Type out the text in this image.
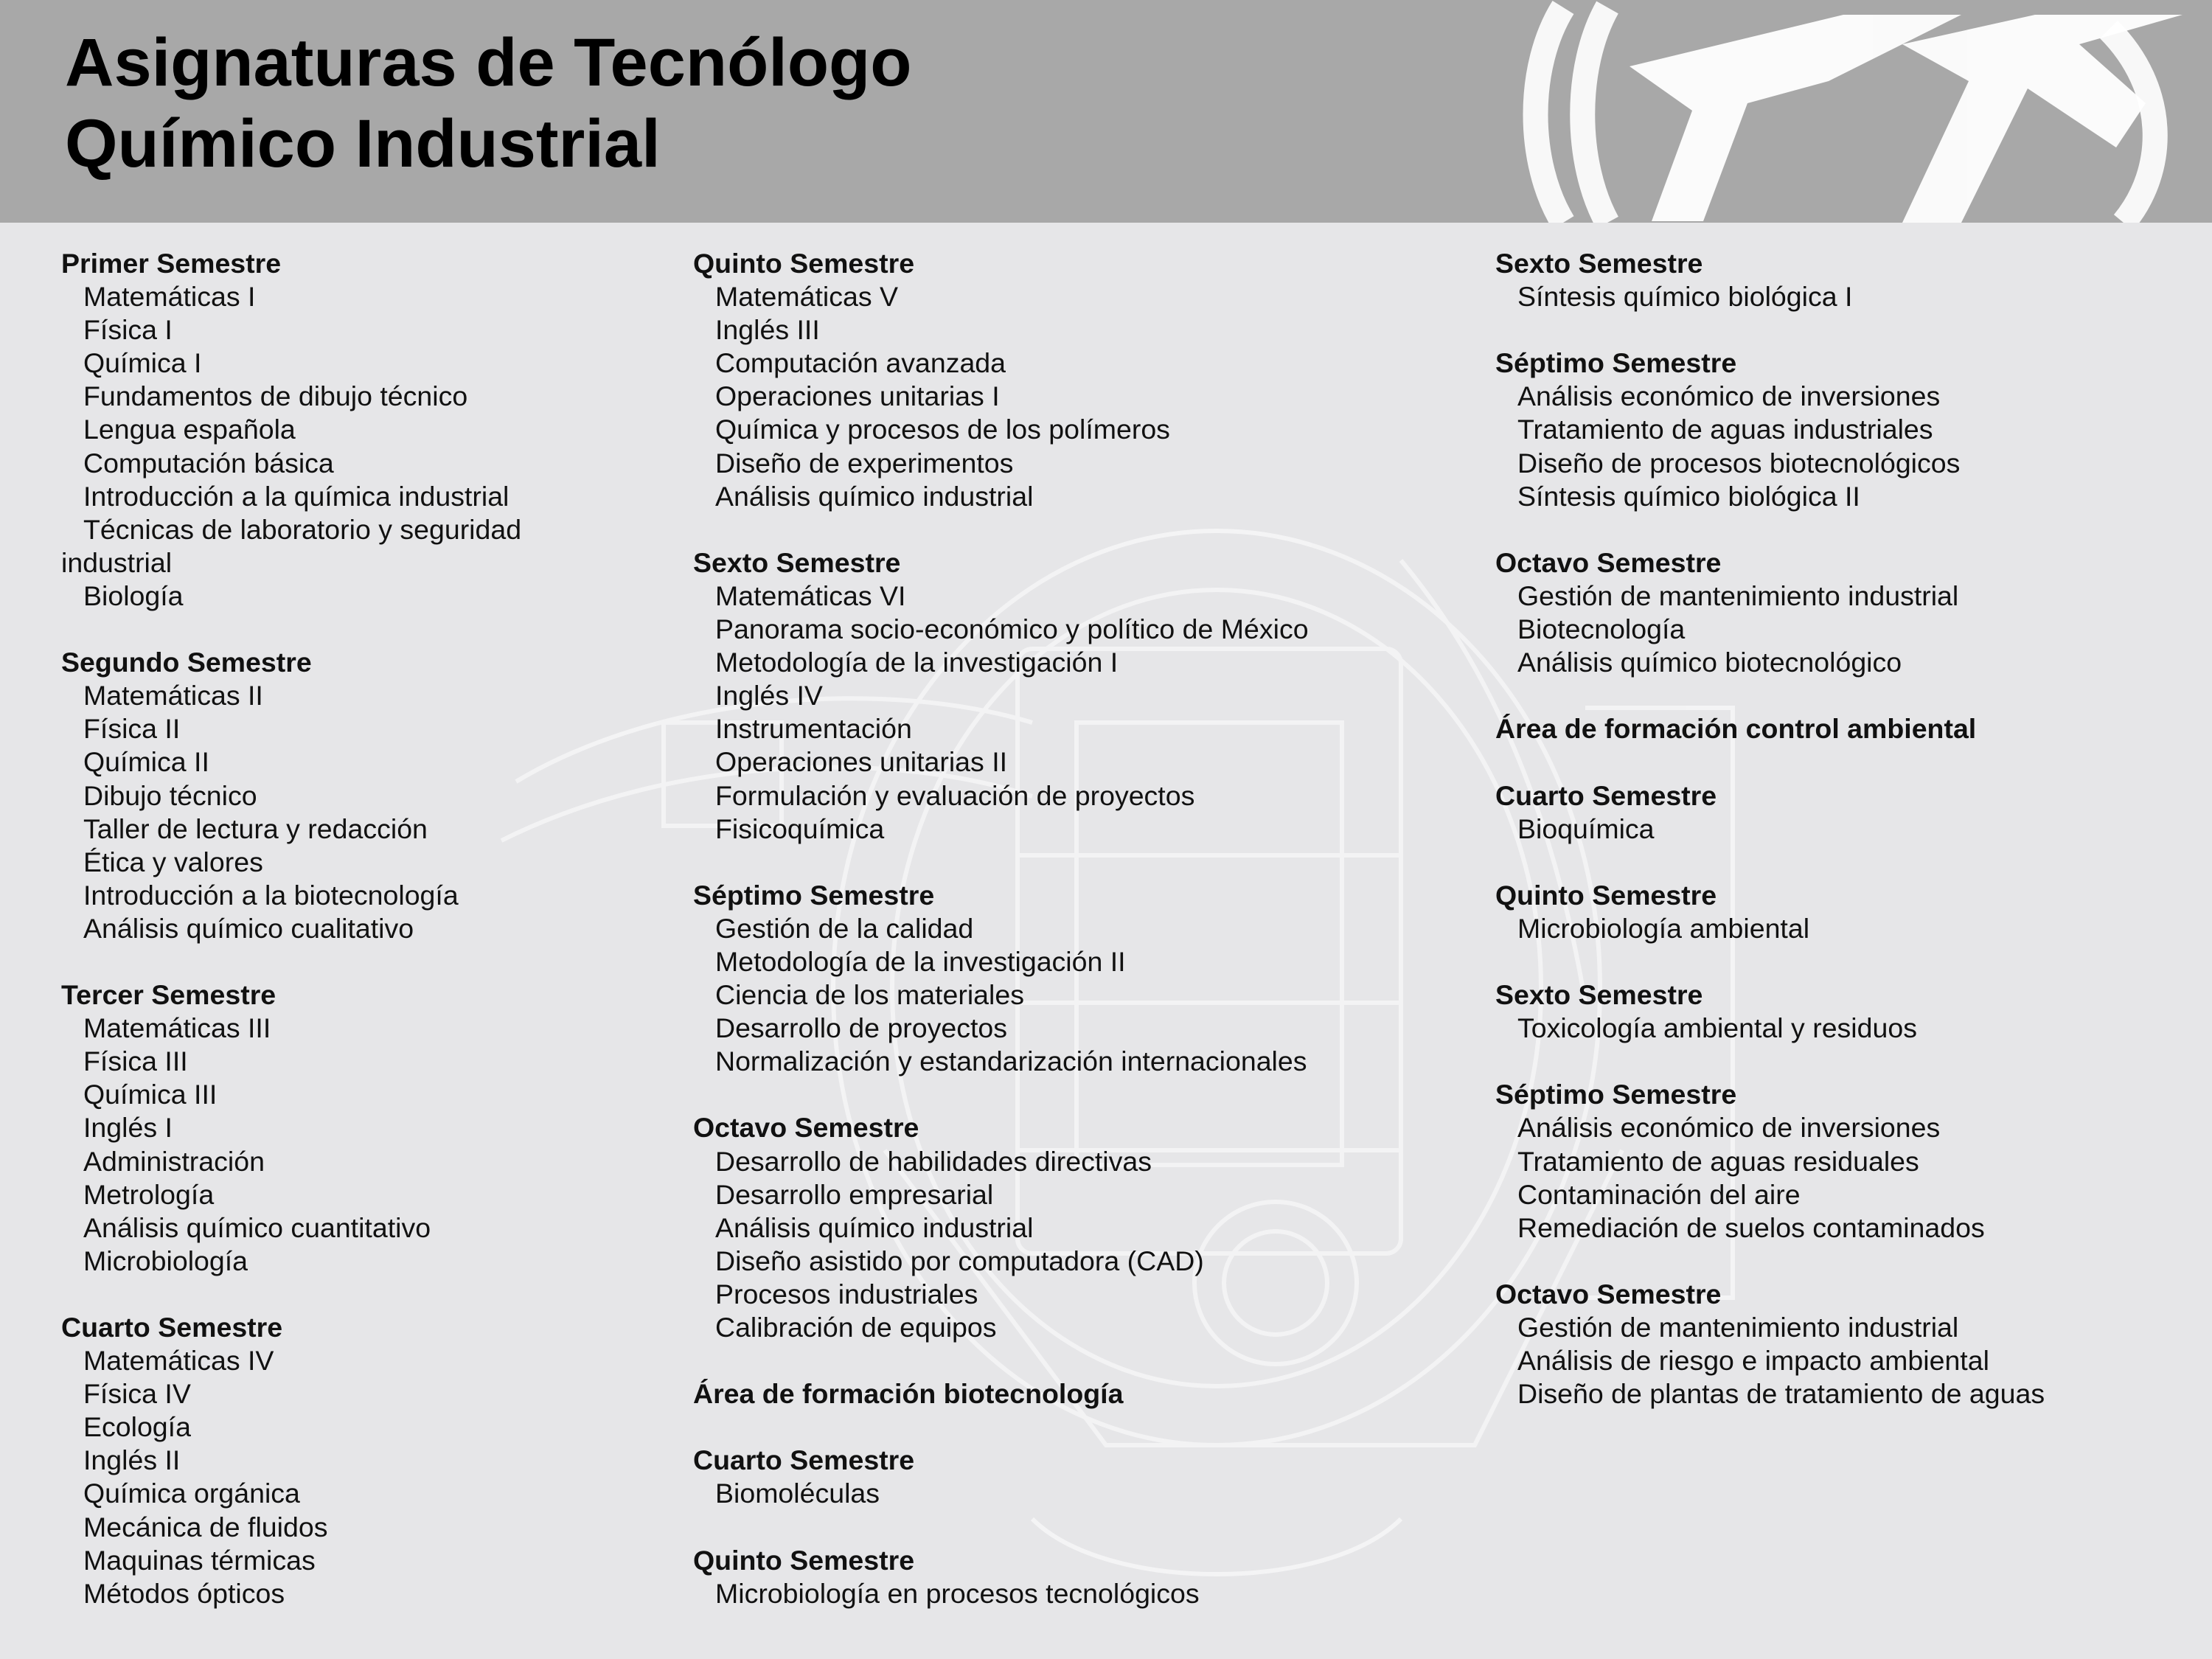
Asignaturas de Tecnólogo
Químico Industrial
Primer Semestre
Matemáticas I
Física I
Química I
Fundamentos de dibujo técnico
Lengua española
Computación básica
Introducción a la química industrial
Técnicas de laboratorio y seguridad industrial
Biología
Segundo Semestre
Matemáticas II
Física II
Química II
Dibujo técnico
Taller de lectura y redacción
Ética y valores
Introducción a la biotecnología
Análisis químico cualitativo
Tercer Semestre
Matemáticas III
Física III
Química III
Inglés I
Administración
Metrología
Análisis químico cuantitativo
Microbiología
Cuarto Semestre
Matemáticas IV
Física IV
Ecología
Inglés II
Química orgánica
Mecánica de fluidos
Maquinas térmicas
Métodos ópticos
Quinto Semestre
Matemáticas V
Inglés III
Computación avanzada
Operaciones unitarias I
Química y procesos de los polímeros
Diseño de experimentos
Análisis químico industrial
Sexto Semestre
Matemáticas VI
Panorama socio-económico y político de México
Metodología de la investigación I
Inglés IV
Instrumentación
Operaciones unitarias II
Formulación y evaluación de proyectos
Fisicoquímica
Séptimo Semestre
Gestión de la calidad
Metodología de la investigación II
Ciencia de los materiales
Desarrollo de proyectos
Normalización y estandarización internacionales
Octavo Semestre
Desarrollo de habilidades directivas
Desarrollo empresarial
Análisis químico industrial
Diseño asistido por computadora (CAD)
Procesos industriales
Calibración de equipos
Área de formación biotecnología
Cuarto Semestre
Biomoléculas
Quinto Semestre
Microbiología en procesos tecnológicos
Sexto Semestre
Síntesis químico biológica I
Séptimo Semestre
Análisis económico de inversiones
Tratamiento de aguas industriales
Diseño de procesos biotecnológicos
Síntesis químico biológica II
Octavo Semestre
Gestión de mantenimiento industrial
Biotecnología
Análisis químico biotecnológico
Área de formación control ambiental
Cuarto Semestre
Bioquímica
Quinto Semestre
Microbiología ambiental
Sexto Semestre
Toxicología ambiental y residuos
Séptimo Semestre
Análisis económico de inversiones
Tratamiento de aguas residuales
Contaminación del aire
Remediación de suelos contaminados
Octavo Semestre
Gestión de mantenimiento industrial
Análisis de riesgo e impacto ambiental
Diseño de plantas de tratamiento de aguas
